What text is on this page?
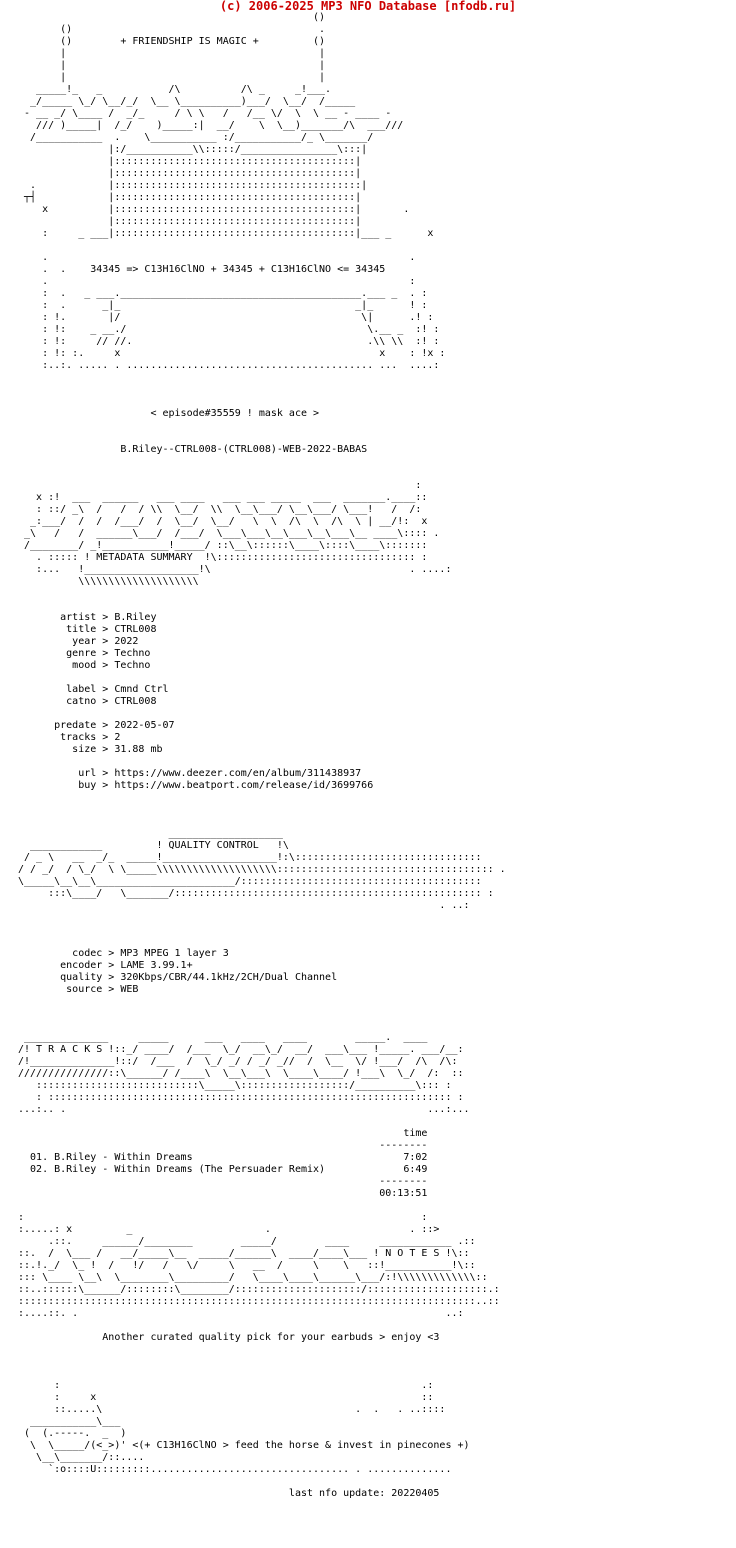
(c) 2006-2025 MP3 NFO Database [nfodb.ru]
()
()                                         .
()        + FRIENDSHIP IS MAGIC +         ()
|                                          |
|                                          |
|                                          |
_____!_   _           /\          /\ _     _!___.
_/_____ \_/ \__/_/  \__ \__________)___/  \__/  /_____
- __ _/ \____ /  _/_     / \ \   /   /__ \/  \  \ __ - ____ -
/// )_____|  /_/    )_____:|  __/    \  \__)_______/\  ___///
/___________  .    \___________ :/___________/_ \_______/
|:/___________\\:::::/________________\:::|
|::::::::::::::::::::::::::::::::::::::::|
|::::::::::::::::::::::::::::::::::::::::|
.            |:::::::::::::::::::::::::::::::::::::::::|
┬┤            |::::::::::::::::::::::::::::::::::::::::|
x          |::::::::::::::::::::::::::::::::::::::::|       .
|::::::::::::::::::::::::::::::::::::::::|
:     _ ___|::::::::::::::::::::::::::::::::::::::::|___ _      x
.                                                            .
.  .    34345 => C13H16ClNO + 34345 + C13H16ClNO <= 34345
.                                                            :
:  .   _ ___.________________________________________.___ _  . :
:  .      _|_                                       _|_      ! :
: !.       |/                                        \|      .! :
: !:    _ __./                                        \.__ _  :! :
: !:     // //.                                       .\\ \\  :! :
: !: :.     x                                           x    : !x :
:..:. ..... . ......................................... ...  ....:
< episode#35559 ! mask ace >
B.Riley--CTRL008-(CTRL008)-WEB-2022-BABAS
:
x :!  ___  ______   ___ ____   ___ ___ _____  ___  _______.____::
: ::/ _\  /   /  / \\  \__/  \\  \__\___/ \__\___/ \___!   /  /:
_:___/  /  /  /___/  /  \__/  \__/   \  \  /\  \  /\  \ | __/!:  x
_\   /   /  ______\___/  /___/  \___\___\__\___\__\___\__ ____\:::: .
/________/ _!___________!_____/ ::\__\::::::\____\::::\____\:::::::
. ::::: ! METADATA SUMMARY  !\::::::::::::::::::::::::::::::::: :
:...   !___________________!\                                 . ....:
\\\\\\\\\\\\\\\\\\\\
artist > B.Riley
title > CTRL008
year > 2022
genre > Techno
mood > Techno
label > Cmnd Ctrl
catno > CTRL008
predate > 2022-05-07
tracks > 2
size > 31.88 mb
url > https://www.deezer.com/en/album/311438937
buy > https://www.beatport.com/release/id/3699766
___________________
____________         ! QUALITY CONTROL   !\
/ _ \   __  _/_  _____!___________________!:\:::::::::::::::::::::::::::::::
/ / _/  / \_/  \ \_____\\\\\\\\\\\\\\\\\\\\:::::::::::::::::::::::::::::::::::: .
\_____\__\__\_______________________/::::::::::::::::::::::::::::::::::::::::
:::\____/   \_______/::::::::::::::::::::::::::::::::::::::::::::::::::: :
. ..:
codec > MP3 MPEG 1 layer 3
encoder > LAME 3.99.1+
quality > 320Kbps/CBR/44.1kHz/2CH/Dual Channel
source > WEB
______________     _____      ___   ____   ____        _____.  ____
/! T R A C K S !::_/ ____/  /___  \_/  __\_/  __/  ___\___ !_____. ___/__:
/!______________!::/  /___  /  \_/ _/ / _/ _//  /  \__  \/ !___/  /\  /\:
///////////////::\______/ /____\  \__\___\  \____\____/ !___\  \_/  /:  ::
:::::::::::::::::::::::::::\_____\::::::::::::::::::/__________\::: :
: ::::::::::::::::::::::::::::::::::::::::::::::::::::::::::::::::::: :
...:.. .                                                            ...:...
time
--------
01. B.Riley - Within Dreams                                   7:02
02. B.Riley - Within Dreams (The Persuader Remix)             6:49
--------
00:13:51
:                                                                  :
:.....: x         _                      .                       . ::>
.::.     ______/________        _____/        ____     ____________ .::
::.  /  \___ /   __/_____\__  _____/______\  ____/____\___ ! N O T E S !\::
::.!._/  \_ !  /   !/   /   \/     \   __  /     \    \   ::!___________!\::
::: \____ \__\  \________\_________/   \____\____\______\___/:!\\\\\\\\\\\\\::
::..::::::\______/::::::::\________/:::::::::::::::::::::/::::::::::::::::::::.:
::::::::::::::::::::::::::::::::::::::::::::::::::::::::::::::::::::::::::::..::
:....::. .                                                             ..:
Another curated quality pick for your earbuds > enjoy <3
:                                                            .:
:     x                                                      ::
::.....\                                          .  .   . ..::::
___________\___
(  (.-----.  _  )
\  \_____/(<_>)' <(+ C13H16ClNO > feed the horse & invest in pinecones +)
\__\_______/::....
`:o::::U:::::::::................................. . ..............
last nfo update: 20220405
